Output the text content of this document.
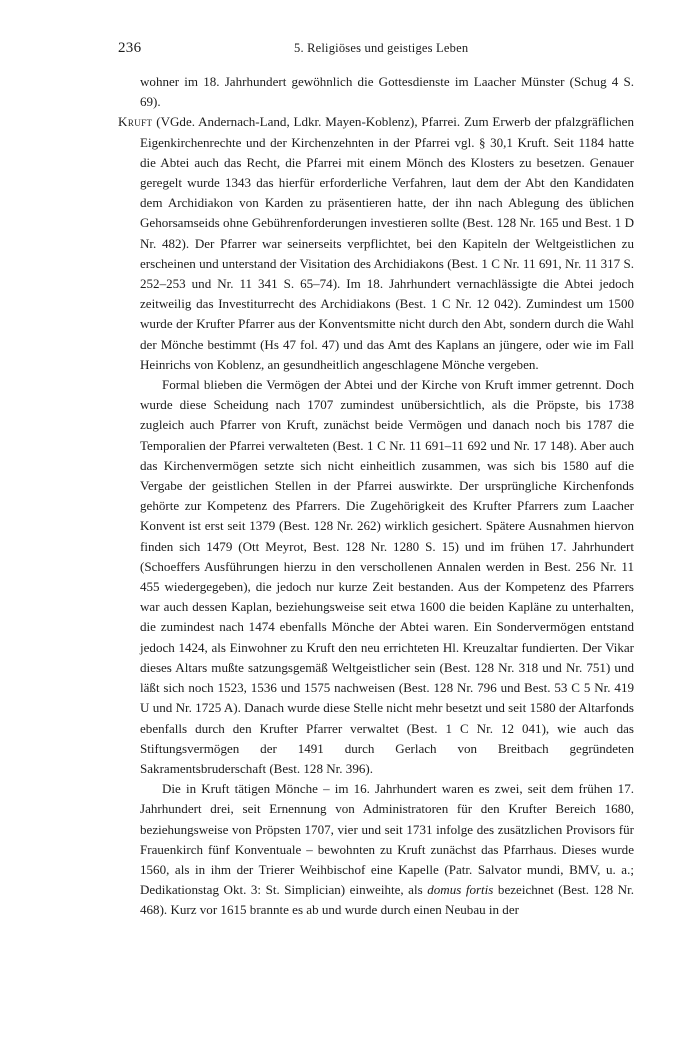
236	5. Religiöses und geistiges Leben

wohner im 18. Jahrhundert gewöhnlich die Gottesdienste im Laacher Münster (Schug 4 S. 69).

Kruft (VGde. Andernach-Land, Ldkr. Mayen-Koblenz), Pfarrei. Zum Erwerb der pfalzgräflichen Eigenkirchenrechte und der Kirchenzehnten in der Pfarrei vgl. § 30,1 Kruft. Seit 1184 hatte die Abtei auch das Recht, die Pfarrei mit einem Mönch des Klosters zu besetzen. Genauer geregelt wurde 1343 das hierfür erforderliche Verfahren, laut dem der Abt den Kandidaten dem Archidiakon von Karden zu präsentieren hatte, der ihn nach Ablegung des üblichen Gehorsamseids ohne Gebührenforderungen investieren sollte (Best. 128 Nr. 165 und Best. 1 D Nr. 482). Der Pfarrer war seinerseits verpflichtet, bei den Kapiteln der Weltgeistlichen zu erscheinen und unterstand der Visitation des Archidiakons (Best. 1 C Nr. 11 691, Nr. 11 317 S. 252–253 und Nr. 11 341 S. 65–74). Im 18. Jahrhundert vernachlässigte die Abtei jedoch zeitweilig das Investiturrecht des Archidiakons (Best. 1 C Nr. 12 042). Zumindest um 1500 wurde der Krufter Pfarrer aus der Konventsmitte nicht durch den Abt, sondern durch die Wahl der Mönche bestimmt (Hs 47 fol. 47) und das Amt des Kaplans an jüngere, oder wie im Fall Heinrichs von Koblenz, an gesundheitlich angeschlagene Mönche vergeben.

Formal blieben die Vermögen der Abtei und der Kirche von Kruft immer getrennt. Doch wurde diese Scheidung nach 1707 zumindest unübersichtlich, als die Pröpste, bis 1738 zugleich auch Pfarrer von Kruft, zunächst beide Vermögen und danach noch bis 1787 die Temporalien der Pfarrei verwalteten (Best. 1 C Nr. 11 691–11 692 und Nr. 17 148). Aber auch das Kirchenvermögen setzte sich nicht einheitlich zusammen, was sich bis 1580 auf die Vergabe der geistlichen Stellen in der Pfarrei auswirkte. Der ursprüngliche Kirchenfonds gehörte zur Kompetenz des Pfarrers. Die Zugehörigkeit des Krufter Pfarrers zum Laacher Konvent ist erst seit 1379 (Best. 128 Nr. 262) wirklich gesichert. Spätere Ausnahmen hiervon finden sich 1479 (Ott Meyrot, Best. 128 Nr. 1280 S. 15) und im frühen 17. Jahrhundert (Schoeffers Ausführungen hierzu in den verschollenen Annalen werden in Best. 256 Nr. 11 455 wiedergegeben), die jedoch nur kurze Zeit bestanden. Aus der Kompetenz des Pfarrers war auch dessen Kaplan, beziehungsweise seit etwa 1600 die beiden Kapläne zu unterhalten, die zumindest nach 1474 ebenfalls Mönche der Abtei waren. Ein Sondervermögen entstand jedoch 1424, als Einwohner zu Kruft den neu errichteten Hl. Kreuzaltar fundierten. Der Vikar dieses Altars mußte satzungsgemäß Weltgeistlicher sein (Best. 128 Nr. 318 und Nr. 751) und läßt sich noch 1523, 1536 und 1575 nachweisen (Best. 128 Nr. 796 und Best. 53 C 5 Nr. 419 U und Nr. 1725 A). Danach wurde diese Stelle nicht mehr besetzt und seit 1580 der Altarfonds ebenfalls durch den Krufter Pfarrer verwaltet (Best. 1 C Nr. 12 041), wie auch das Stiftungsvermögen der 1491 durch Gerlach von Breitbach gegründeten Sakramentsbruderschaft (Best. 128 Nr. 396).

Die in Kruft tätigen Mönche – im 16. Jahrhundert waren es zwei, seit dem frühen 17. Jahrhundert drei, seit Ernennung von Administratoren für den Krufter Bereich 1680, beziehungsweise von Pröpsten 1707, vier und seit 1731 infolge des zusätzlichen Provisors für Frauenkirch fünf Konventuale – bewohnten zu Kruft zunächst das Pfarrhaus. Dieses wurde 1560, als in ihm der Trierer Weihbischof eine Kapelle (Patr. Salvator mundi, BMV, u. a.; Dedikationstag Okt. 3: St. Simplician) einweihte, als domus fortis bezeichnet (Best. 128 Nr. 468). Kurz vor 1615 brannte es ab und wurde durch einen Neubau in der
